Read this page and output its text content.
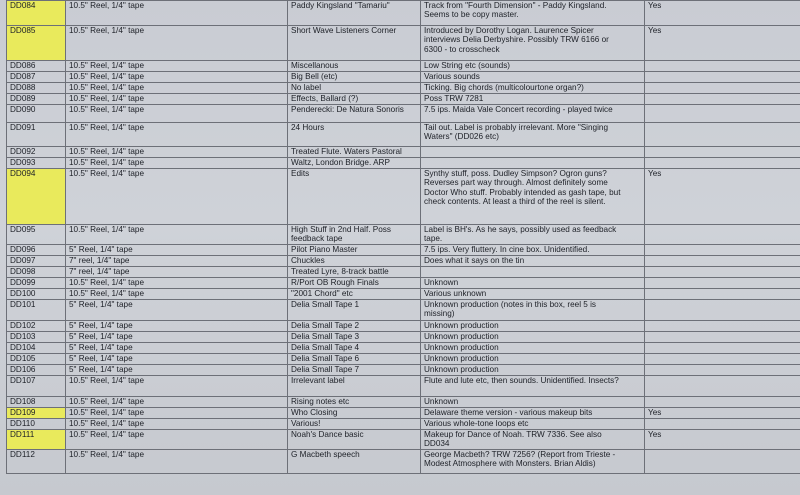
DD084	10.5" Reel, 1/4" tape	Paddy Kingsland "Tamariu"	Track from "Fourth Dimension" - Paddy Kingsland.
Seems to be copy master.	Yes
DD085	10.5" Reel, 1/4" tape	Short Wave Listeners Corner	Introduced by Dorothy Logan. Laurence Spicer
interviews Delia Derbyshire. Possibly TRW 6166 or
6300 - to crosscheck	Yes
DD086	10.5" Reel, 1/4" tape	Miscellanous	Low String etc (sounds)	
DD087	10.5" Reel, 1/4" tape	Big Bell (etc)	Various sounds	
DD088	10.5" Reel, 1/4" tape	No label	Ticking. Big chords (multicolourtone organ?)	
DD089	10.5" Reel, 1/4" tape	Effects, Ballard (?)	Poss TRW 7281	
DD090	10.5" Reel, 1/4" tape	Penderecki: De Natura Sonoris	7.5 ips. Maida Vale Concert recording - played twice	
DD091	10.5" Reel, 1/4" tape	24 Hours	Tail out. Label is probably irrelevant. More "Singing
Waters" (DD026 etc)	
DD092	10.5" Reel, 1/4" tape	Treated Flute. Waters Pastoral		
DD093	10.5" Reel, 1/4" tape	Waltz, London Bridge. ARP		
DD094	10.5" Reel, 1/4" tape	Edits	Synthy stuff, poss. Dudley Simpson? Ogron guns?
Reverses part way through. Almost definitely some
Doctor Who stuff. Probably intended as gash tape, but
check contents. At least a third of the reel is silent.	Yes
DD095	10.5" Reel, 1/4" tape	High Stuff in 2nd Half. Poss
feedback tape	Label is BH's. As he says, possibly used as feedback
tape.	
DD096	5" Reel, 1/4" tape	Pilot Piano Master	7.5 ips. Very fluttery. In cine box. Unidentified.	
DD097	7" reel, 1/4" tape	Chuckles	Does what it says on the tin	
DD098	7" reel, 1/4" tape	Treated Lyre, 8-track battle		
DD099	10.5" Reel, 1/4" tape	R/Port OB Rough Finals	Unknown	
DD100	10.5" Reel, 1/4" tape	"2001 Chord" etc	Various unknown	
DD101	5" Reel, 1/4" tape	Delia Small Tape 1	Unknown production (notes in this box, reel 5 is
missing)	
DD102	5" Reel, 1/4" tape	Delia Small Tape 2	Unknown production	
DD103	5" Reel, 1/4" tape	Delia Small Tape 3	Unknown production	
DD104	5" Reel, 1/4" tape	Delia Small Tape 4	Unknown production	
DD105	5" Reel, 1/4" tape	Delia Small Tape 6	Unknown production	
DD106	5" Reel, 1/4" tape	Delia Small Tape 7	Unknown production	
DD107	10.5" Reel, 1/4" tape	Irrelevant label	Flute and lute etc, then sounds. Unidentified. Insects?	
DD108	10.5" Reel, 1/4" tape	Rising notes etc	Unknown	
DD109	10.5" Reel, 1/4" tape	Who Closing	Delaware theme version - various makeup bits	Yes
DD110	10.5" Reel, 1/4" tape	Various!	Various whole-tone loops etc	
DD111	10.5" Reel, 1/4" tape	Noah's Dance basic	Makeup for Dance of Noah. TRW 7336. See also
DD034	Yes
DD112	10.5" Reel, 1/4" tape	G Macbeth speech	George Macbeth? TRW 7256? (Report from Trieste -
Modest Atmosphere with Monsters. Brian Aldis)	
